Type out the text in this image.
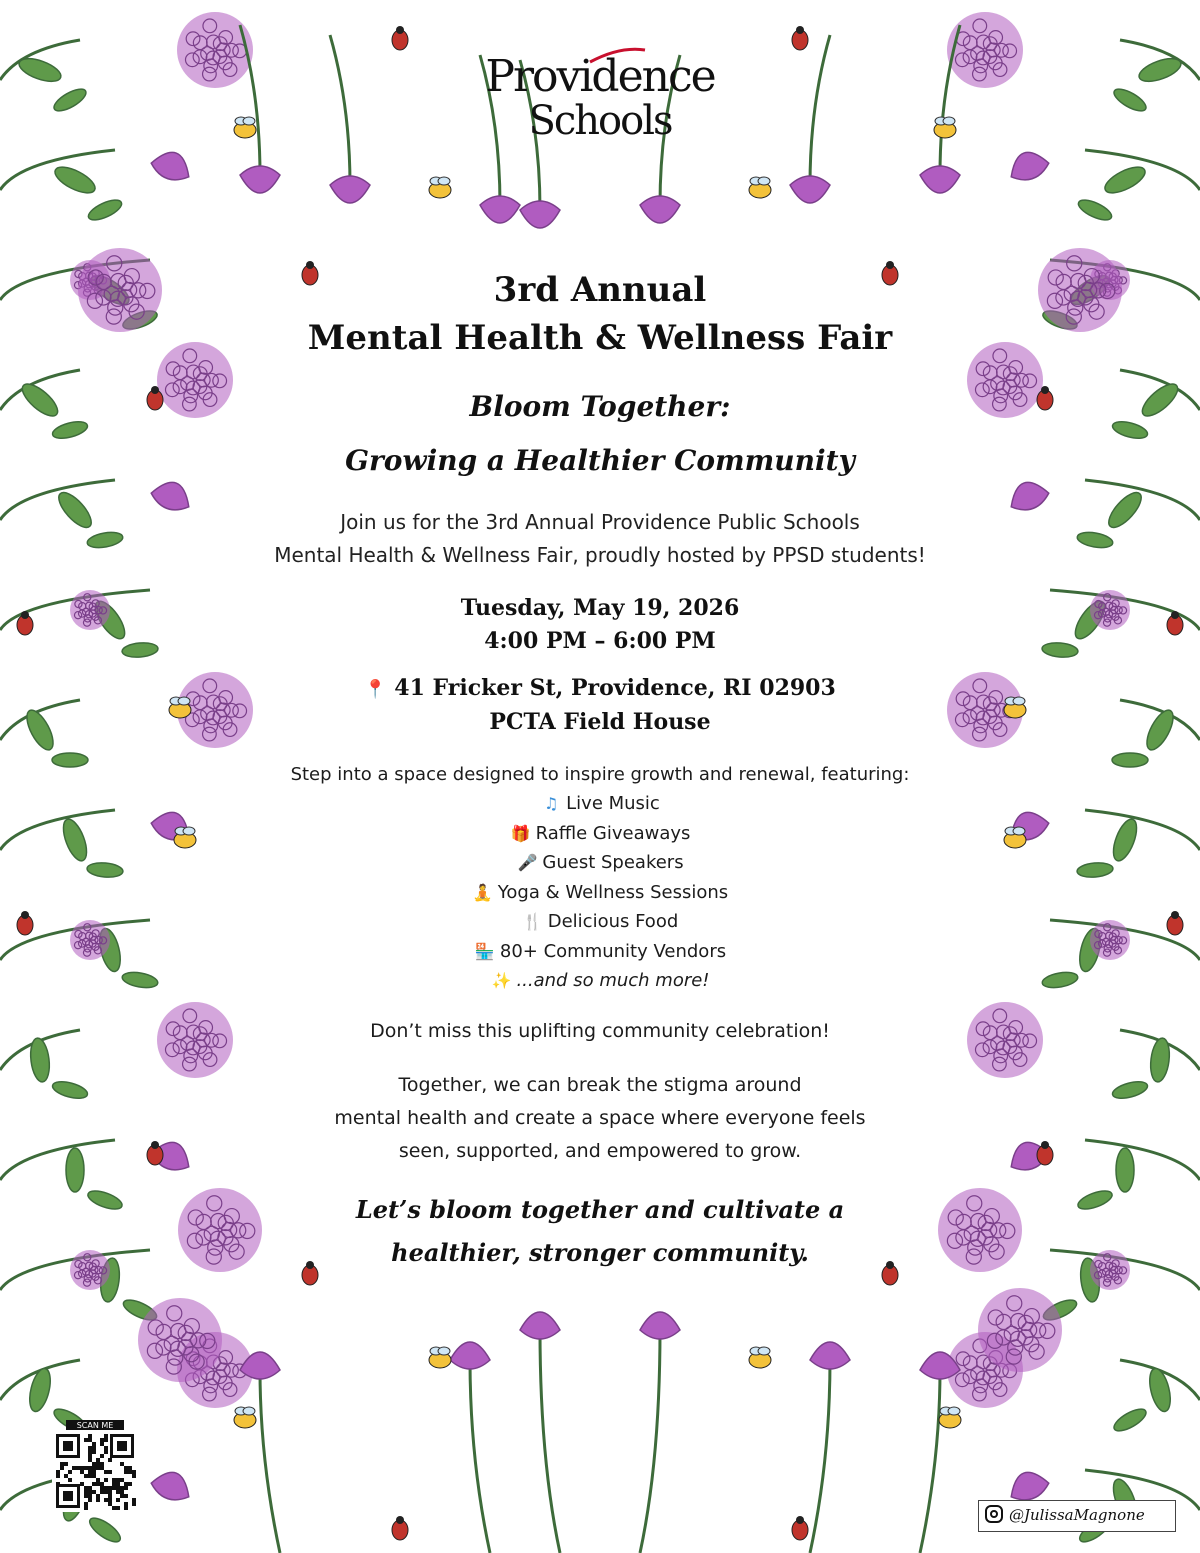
Providence
Schools
3rd Annual
Mental Health & Wellness Fair
Bloom Together:
Growing a Healthier Community
Join us for the 3rd Annual Providence Public Schools
Mental Health & Wellness Fair, proudly hosted by PPSD students!
Tuesday, May 19, 2026
4:00 PM – 6:00 PM
📍 41 Fricker St, Providence, RI 02903
PCTA Field House
Step into a space designed to inspire growth and renewal, featuring:
♫ Live Music
🎁 Raffle Giveaways
🎤 Guest Speakers
🧘 Yoga & Wellness Sessions
🍴 Delicious Food
🏪 80+ Community Vendors
✨ ...and so much more!
Don’t miss this uplifting community celebration!
Together, we can break the stigma around
mental health and create a space where everyone feels
seen, supported, and empowered to grow.
Let’s bloom together and cultivate a
healthier, stronger community.
SCAN ME
@JulissaMagnone
